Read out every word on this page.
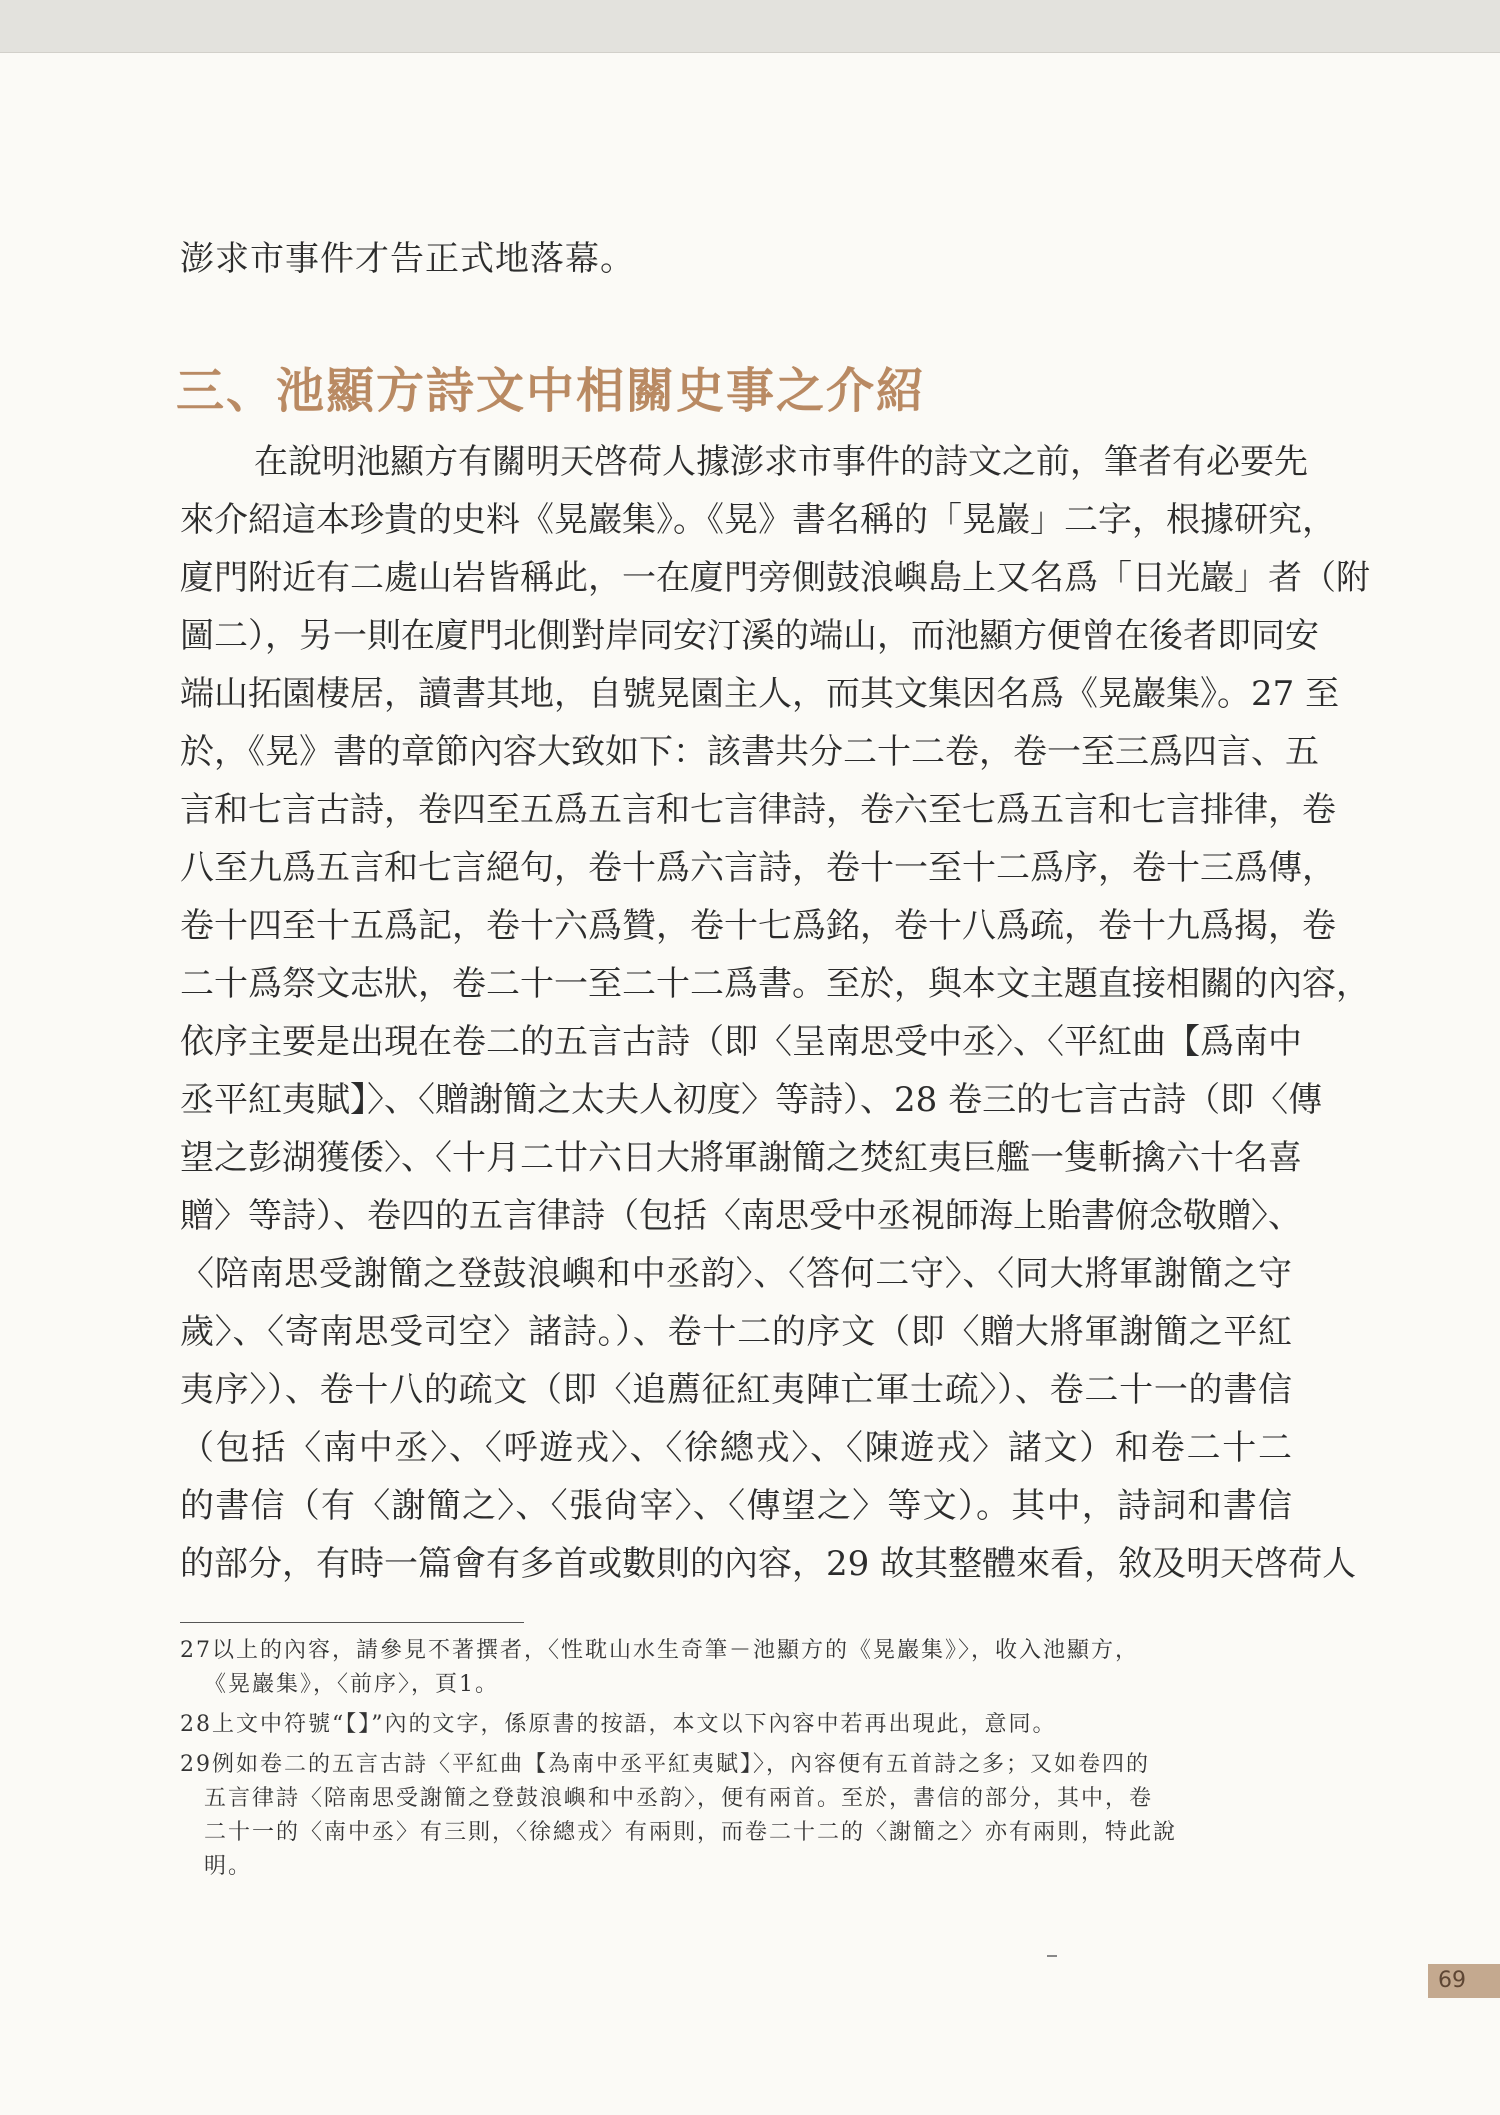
澎求市事件才告正式地落幕。
三、池顯方詩文中相關史事之介紹
在說明池顯方有關明天啓荷人據澎求市事件的詩文之前，筆者有必要先
來介紹這本珍貴的史料《晃巖集》。《晃》書名稱的「晃巖」二字，根據研究，
廈門附近有二處山岩皆稱此，一在廈門旁側鼓浪嶼島上又名爲「日光巖」者（附
圖二），另一則在廈門北側對岸同安汀溪的端山，而池顯方便曾在後者即同安
端山拓園棲居，讀書其地，自號晃園主人，而其文集因名爲《晃巖集》。27 至
於，《晃》書的章節內容大致如下：該書共分二十二卷，卷一至三爲四言、五
言和七言古詩，卷四至五爲五言和七言律詩，卷六至七爲五言和七言排律，卷
八至九爲五言和七言絕句，卷十爲六言詩，卷十一至十二爲序，卷十三爲傳，
卷十四至十五爲記，卷十六爲贊，卷十七爲銘，卷十八爲疏，卷十九爲揭，卷
二十爲祭文志狀，卷二十一至二十二爲書。至於，與本文主題直接相關的內容，
依序主要是出現在卷二的五言古詩（即〈呈南思受中丞〉、〈平紅曲【爲南中
丞平紅夷賦】〉、〈贈謝簡之太夫人初度〉等詩）、28 卷三的七言古詩（即〈傳
望之彭湖獲倭〉、〈十月二廿六日大將軍謝簡之焚紅夷巨艦一隻斬擒六十名喜
贈〉等詩）、卷四的五言律詩（包括〈南思受中丞視師海上貽書俯念敬贈〉、
〈陪南思受謝簡之登鼓浪嶼和中丞韵〉、〈答何二守〉、〈同大將軍謝簡之守
歲〉、〈寄南思受司空〉諸詩。）、卷十二的序文（即〈贈大將軍謝簡之平紅
夷序〉）、卷十八的疏文（即〈追薦征紅夷陣亡軍士疏〉）、卷二十一的書信
（包括〈南中丞〉、〈呼遊戎〉、〈徐總戎〉、〈陳遊戎〉諸文）和卷二十二
的書信（有〈謝簡之〉、〈張尙宰〉、〈傳望之〉等文）。其中，詩詞和書信
的部分，有時一篇會有多首或數則的內容，29 故其整體來看，敘及明天啓荷人
27以上的內容，請參見不著撰者，〈性耽山水生奇筆－池顯方的《晃巖集》〉，收入池顯方，
《晃巖集》，〈前序〉，頁1。
28上文中符號“【】”內的文字，係原書的按語，本文以下內容中若再出現此，意同。
29例如卷二的五言古詩〈平紅曲【為南中丞平紅夷賦】〉，內容便有五首詩之多；又如卷四的
五言律詩〈陪南思受謝簡之登鼓浪嶼和中丞韵〉，便有兩首。至於，書信的部分，其中，卷
二十一的〈南中丞〉有三則，〈徐總戎〉有兩則，而卷二十二的〈謝簡之〉亦有兩則，特此說
明。
69
